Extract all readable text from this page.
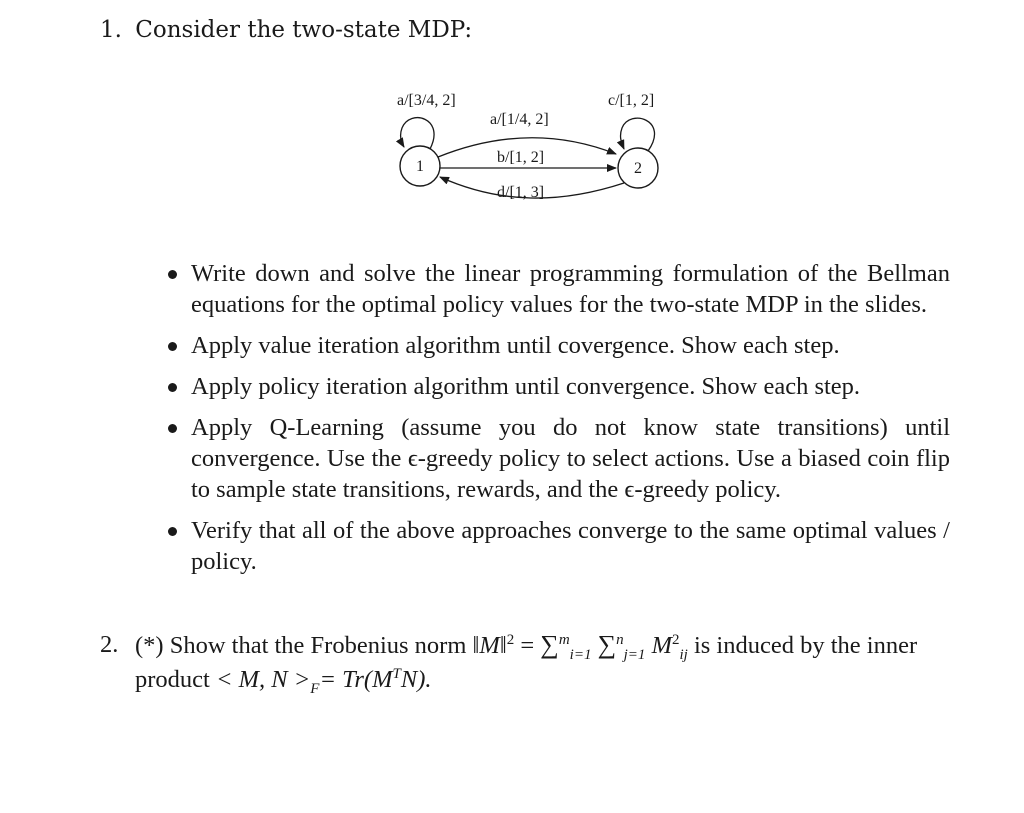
1. Consider the two-state MDP:
1	2
a/[3/4, 2]	c/[1, 2]
a/[1/4, 2]
b/[1, 2]
d/[1, 3]
Write down and solve the linear programming formulation of the Bellman equations for the optimal policy values for the two-state MDP in the slides.
Apply value iteration algorithm until covergence. Show each step.
Apply policy iteration algorithm until convergence. Show each step.
Apply Q-Learning (assume you do not know state transitions) until convergence. Use the ϵ-greedy policy to select actions. Use a biased coin flip to sample state transitions, rewards, and the ϵ-greedy policy.
Verify that all of the above approaches converge to the same optimal values / policy.
2. (*) Show that the Frobenius norm ‖M‖$^2$ = ∑$^m_{i=1}$ ∑$^n_{j=1}$ $M^2_{ij}$ is induced by the inner product < M, $N >_F= Tr(M^TN)$.
